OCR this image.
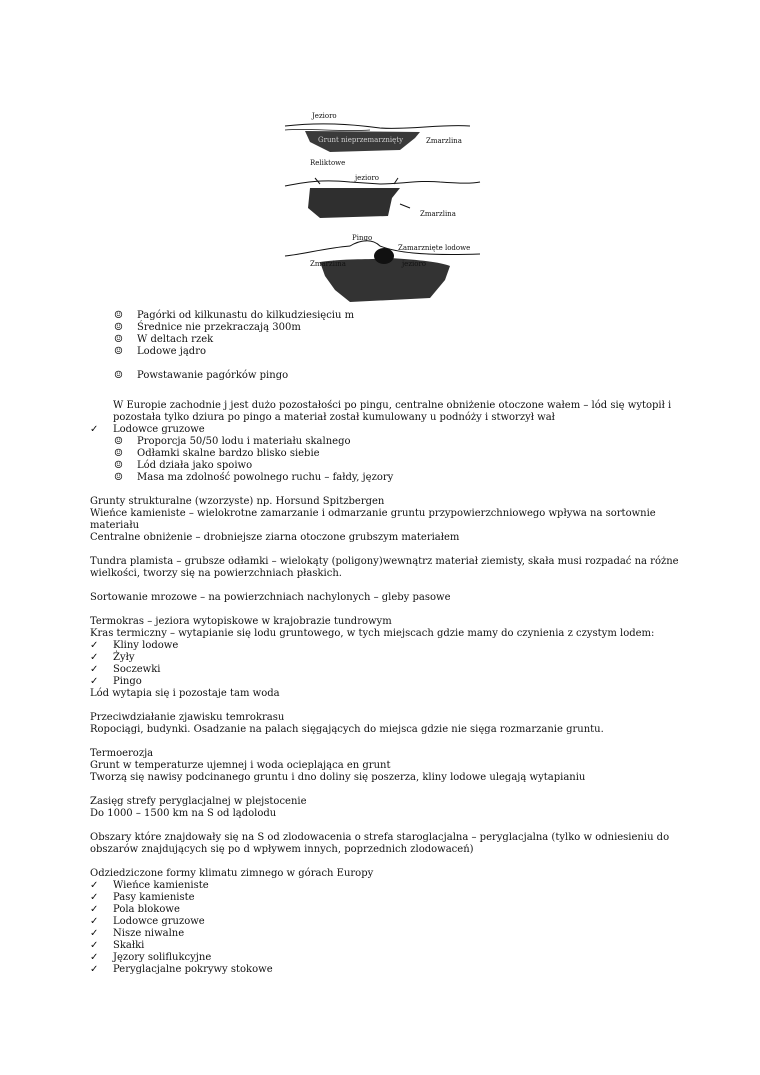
Jezioro
Grunt nieprzemarznięty	Zmarzlina
Reliktowe
jezioro
Zmarzlina
Pingo
Zamarznięte lodowe
Zmarzlina	jezioro
☺ Pagórki od kilkunastu do kilkudziesięciu m
☺ Średnice nie przekraczają 300m
☺ W deltach rzek
☺ Lodowe jądro
☺ Powstawanie pagórków pingo

W Europie zachodnie j jest dużo pozostałości po pingu, centralne obniżenie otoczone wałem – lód się wytopił i pozostała tylko dziura po pingo a materiał został kumulowany u podnóży i stworzył wał

✓ Lodowce gruzowe
☺ Proporcja 50/50 lodu i materiału skalnego
☺ Odłamki skalne bardzo blisko siebie
☺ Lód działa jako spoiwo
☺ Masa ma zdolność powolnego ruchu – fałdy, jęzory

Grunty strukturalne (wzorzyste) np. Horsund Spitzbergen

Wieńce kamieniste – wielokrotne zamarzanie i odmarzanie gruntu przypowierzchniowego wpływa na sortownie materiału

Centralne obniżenie – drobniejsze ziarna otoczone grubszym materiałem

Tundra plamista – grubsze odłamki – wielokąty (poligony)wewnątrz materiał ziemisty, skała musi rozpadać na różne wielkości, tworzy się na powierzchniach płaskich.

Sortowanie mrozowe – na powierzchniach nachylonych – gleby pasowe

Termokras – jeziora wytopiskowe w krajobrazie tundrowym

Kras termiczny – wytapianie się lodu gruntowego, w tych miejscach gdzie mamy do czynienia z czystym lodem:

✓ Kliny lodowe
✓ Żyły
✓ Soczewki
✓ Pingo

Lód wytapia się i pozostaje tam woda

Przeciwdziałanie zjawisku temrokrasu

Ropociągi, budynki. Osadzanie na palach sięgających do miejsca gdzie nie sięga rozmarzanie gruntu.

Termoerozja

Grunt w temperaturze ujemnej i woda ocieplająca en grunt

Tworzą się nawisy podcinanego gruntu i dno doliny się poszerza, kliny lodowe ulegają wytapianiu

Zasięg strefy peryglacjalnej w plejstocenie

Do 1000 – 1500 km na S od lądolodu

Obszary które znajdowały się na S od zlodowacenia o strefa staroglacjalna – peryglacjalna (tylko w odniesieniu do obszarów znajdujących się po d wpływem innych, poprzednich zlodowaceń)

Odziedziczone formy klimatu zimnego w górach Europy

✓ Wieńce kamieniste
✓ Pasy kamieniste
✓ Pola blokowe
✓ Lodowce gruzowe
✓ Nisze niwalne
✓ Skałki
✓ Jęzory soliflukcyjne
✓ Peryglacjalne pokrywy stokowe
